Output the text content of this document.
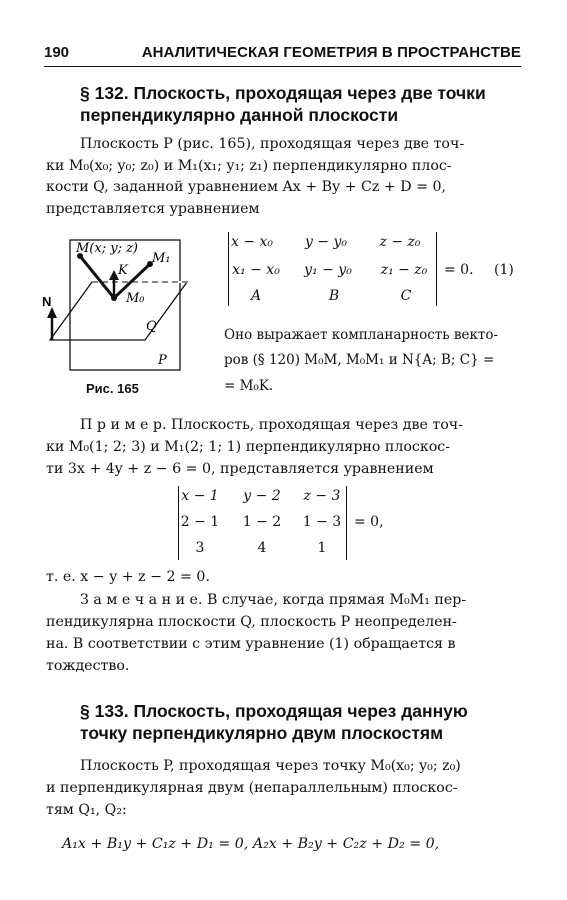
190	АНАЛИТИЧЕСКАЯ ГЕОМЕТРИЯ В ПРОСТРАНСТВЕ
§ 132. Плоскость, проходящая через две точки
перпендикулярно данной плоскости
Плоскость P (рис. 165), проходящая через две точ-
ки M₀(x₀; y₀; z₀) и M₁(x₁; y₁; z₁) перпендикулярно плос-
кости Q, заданной уравнением Ax + By + Cz + D = 0,
представляется уравнением
M(x; y; z)
M₁
K
M₀
Q
P
N
Рис. 165
x − x₀	y − y₀	z − z₀
x₁ − x₀	y₁ − y₀	z₁ − z₀
A	B	C
= 0. (1)
Оно выражает компланарность векто-
ров (§ 120) M₀M, M₀M₁ и N{A; B; C} =
= M₀K.
П р и м е р. Плоскость, проходящая через две точ-
ки M₀(1; 2; 3) и M₁(2; 1; 1) перпендикулярно плоскос-
ти 3x + 4y + z − 6 = 0, представляется уравнением
x − 1	y − 2	z − 3
2 − 1	1 − 2	1 − 3
3	4	1
= 0,
т. е. x − y + z − 2 = 0.
З а м е ч а н и е. В случае, когда прямая M₀M₁ пер-
пендикулярна плоскости Q, плоскость P неопределен-
на. В соответствии с этим уравнение (1) обращается в
тождество.
§ 133. Плоскость, проходящая через данную
точку перпендикулярно двум плоскостям
Плоскость P, проходящая через точку M₀(x₀; y₀; z₀)
и перпендикулярная двум (непараллельным) плоскос-
тям Q₁, Q₂:
A₁x + B₁y + C₁z + D₁ = 0, A₂x + B₂y + C₂z + D₂ = 0,
